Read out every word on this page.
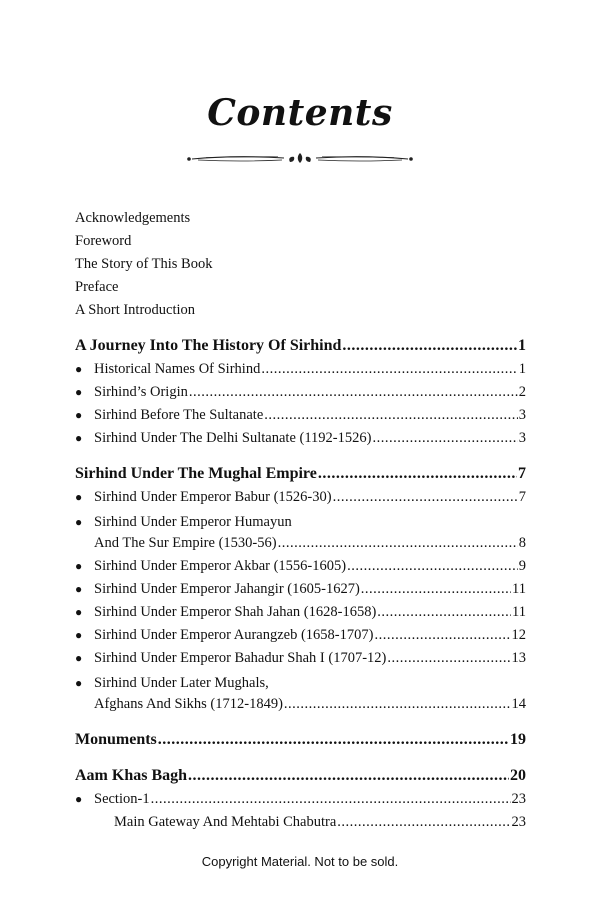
Contents
Acknowledgements
Foreword
The Story of This Book
Preface
A Short Introduction
A Journey Into The History Of Sirhind .....	1
● Historical Names Of Sirhind .....	1
● Sirhind’s Origin .....	2
● Sirhind Before The Sultanate .....	3
● Sirhind Under The Delhi Sultanate (1192-1526) .....	3
Sirhind Under The Mughal Empire .....	7
● Sirhind Under Emperor Babur (1526-30) .....	7
● Sirhind Under Emperor Humayun
And The Sur Empire (1530-56) .....	8
● Sirhind Under Emperor Akbar (1556-1605) .....	9
● Sirhind Under Emperor Jahangir (1605-1627) .....	11
● Sirhind Under Emperor Shah Jahan (1628-1658) .....	11
● Sirhind Under Emperor Aurangzeb (1658-1707) .....	12
● Sirhind Under Emperor Bahadur Shah I (1707-12) .....	13
● Sirhind Under Later Mughals,
Afghans And Sikhs (1712-1849) .....	14
Monuments .....	19
Aam Khas Bagh .....	20
● Section-1 .....	23
Main Gateway And Mehtabi Chabutra .....	23
Copyright Material. Not to be sold.
